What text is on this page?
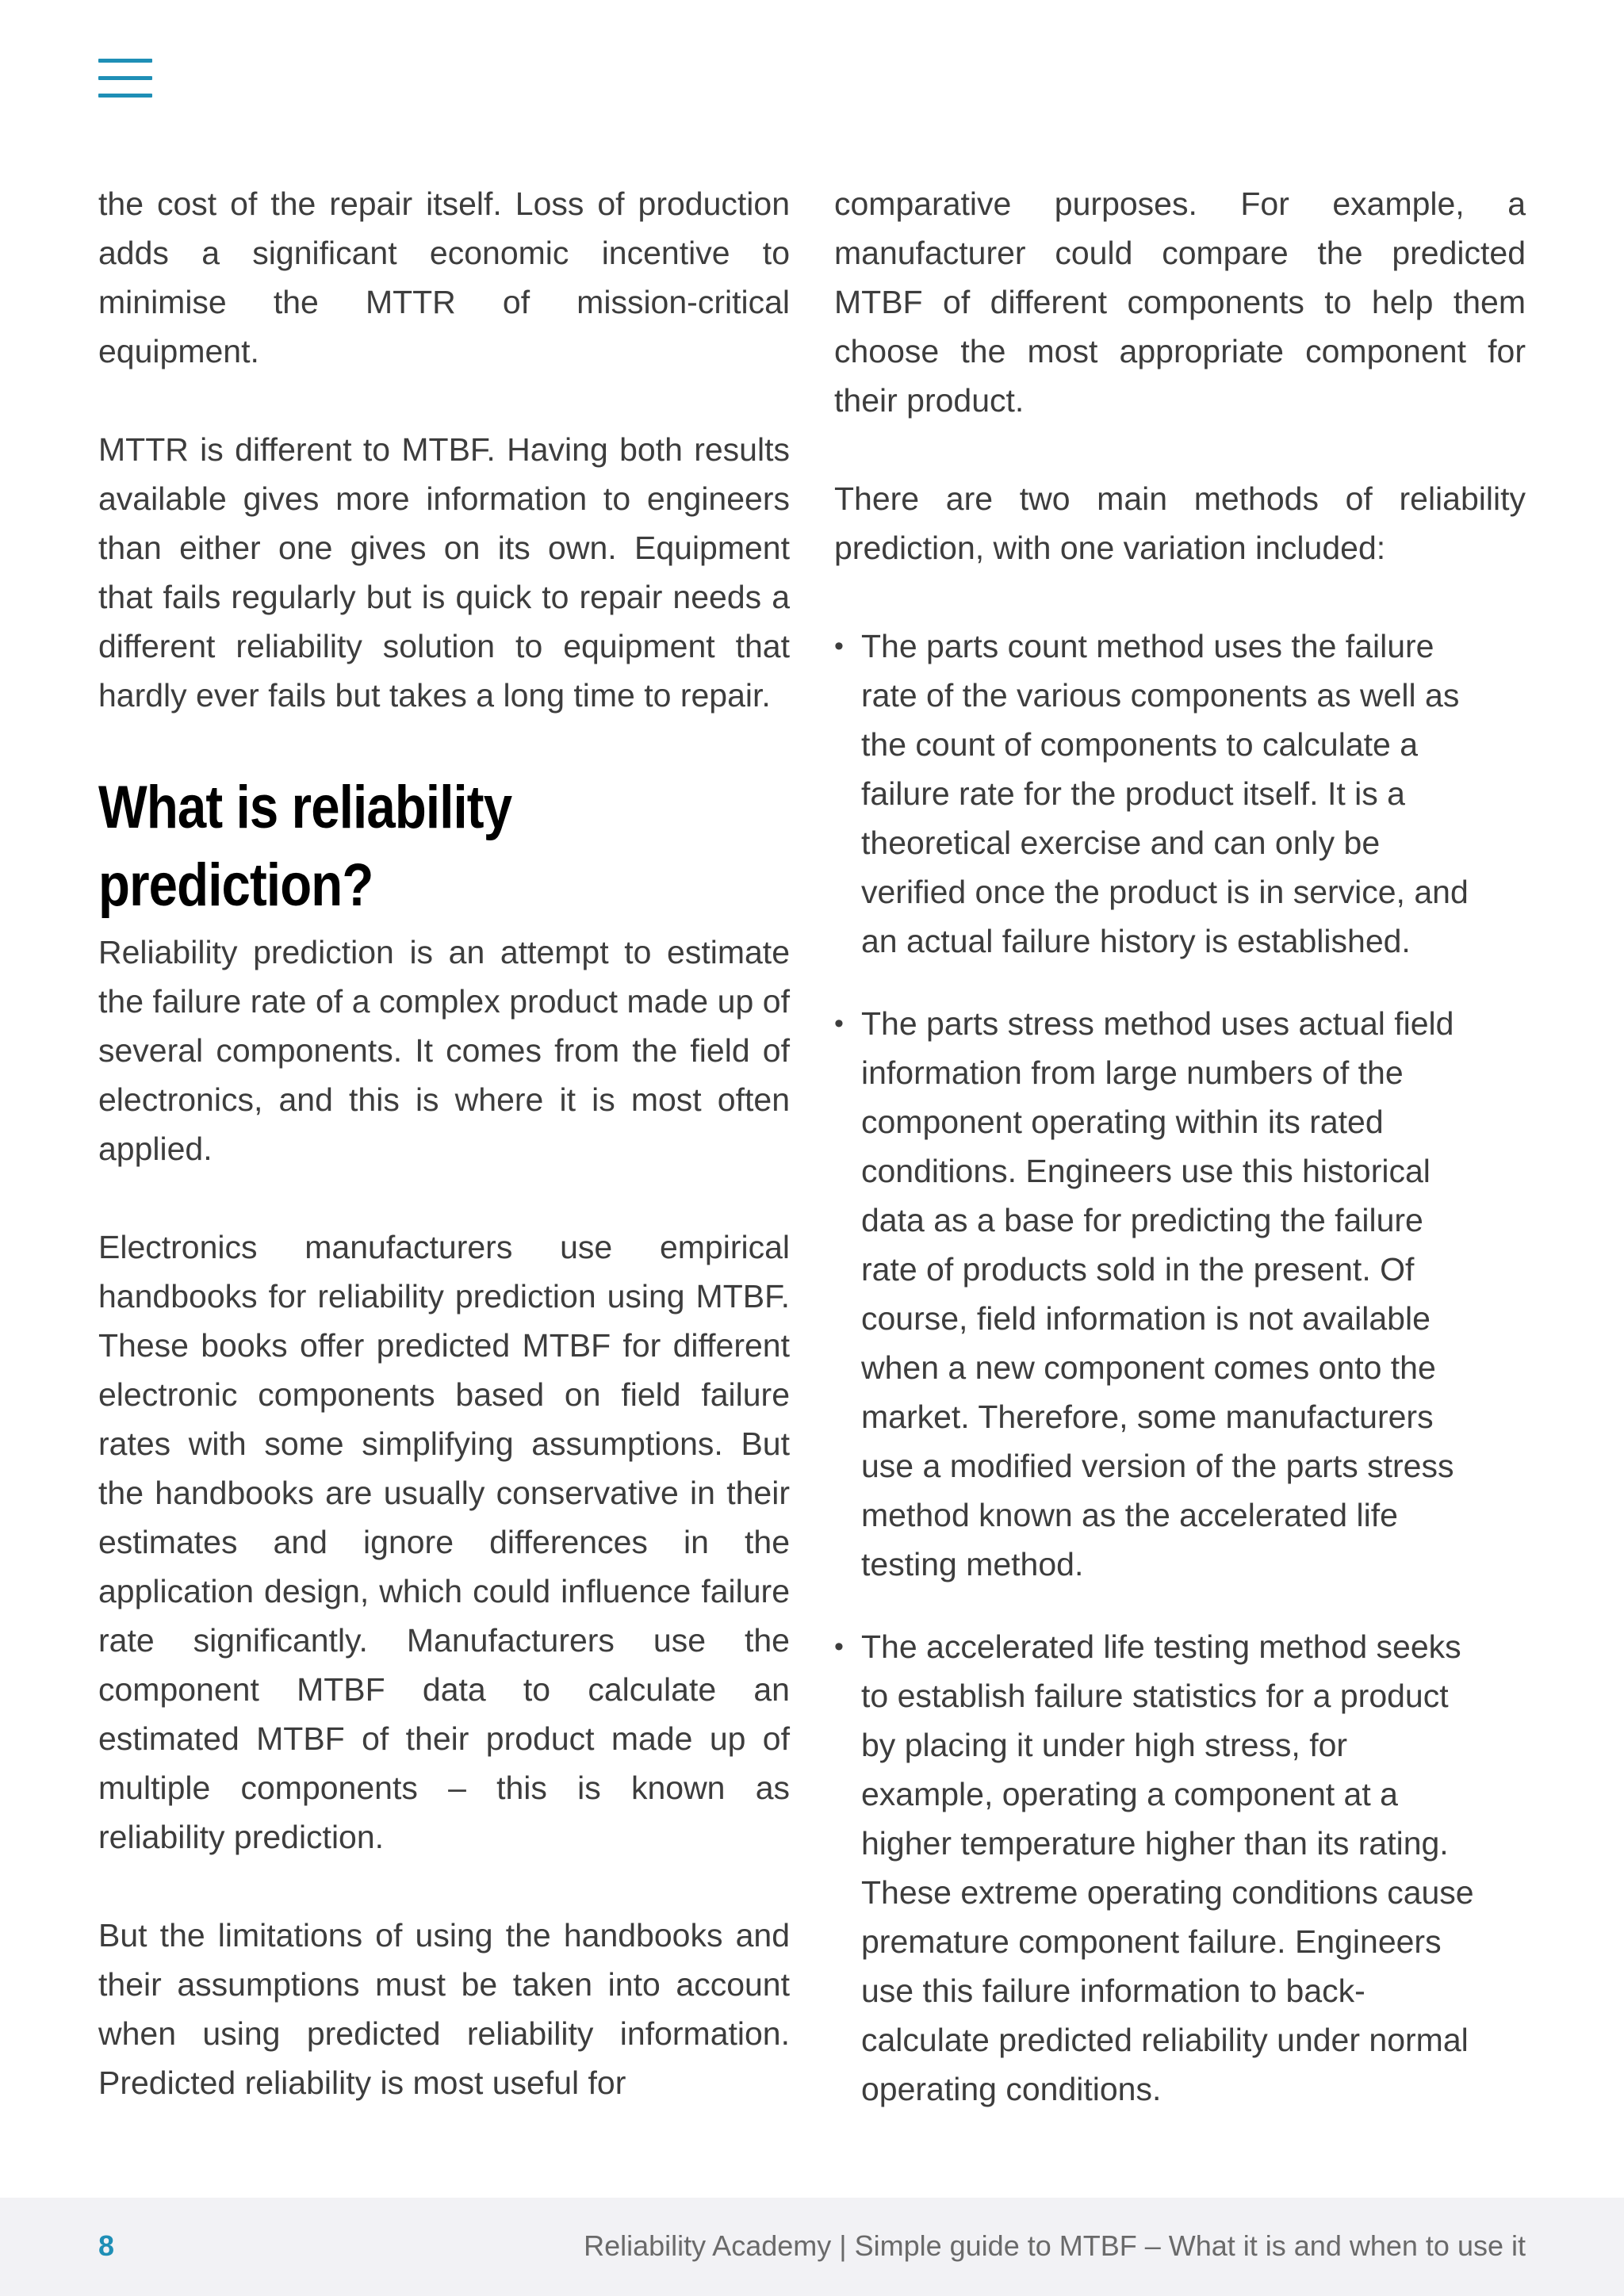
the cost of the repair itself. Loss of production adds a significant economic incentive to minimise the MTTR of mission-critical equipment.

MTTR is different to MTBF. Having both results available gives more information to engineers than either one gives on its own. Equipment that fails regularly but is quick to repair needs a different reliability solution to equipment that hardly ever fails but takes a long time to repair.

What is reliability prediction?

Reliability prediction is an attempt to estimate the failure rate of a complex product made up of several components. It comes from the field of electronics, and this is where it is most often applied.

Electronics manufacturers use empirical handbooks for reliability prediction using MTBF. These books offer predicted MTBF for different electronic components based on field failure rates with some simplifying assumptions. But the handbooks are usually conservative in their estimates and ignore differences in the application design, which could influence failure rate significantly. Manufacturers use the component MTBF data to calculate an estimated MTBF of their product made up of multiple components – this is known as reliability prediction.

But the limitations of using the handbooks and their assumptions must be taken into account when using predicted reliability information. Predicted reliability is most useful for

comparative purposes. For example, a manufacturer could compare the predicted MTBF of different components to help them choose the most appropriate component for their product.

There are two main methods of reliability prediction, with one variation included:

• The parts count method uses the failure rate of the various components as well as the count of components to calculate a failure rate for the product itself. It is a theoretical exercise and can only be verified once the product is in service, and an actual failure history is established.
• The parts stress method uses actual field information from large numbers of the component operating within its rated conditions. Engineers use this historical data as a base for predicting the failure rate of products sold in the present. Of course, field information is not available when a new component comes onto the market. Therefore, some manufacturers use a modified version of the parts stress method known as the accelerated life testing method.
• The accelerated life testing method seeks to establish failure statistics for a product by placing it under high stress, for example, operating a component at a higher temperature higher than its rating. These extreme operating conditions cause premature component failure. Engineers use this failure information to back-calculate predicted reliability under normal operating conditions.
8	Reliability Academy | Simple guide to MTBF – What it is and when to use it
